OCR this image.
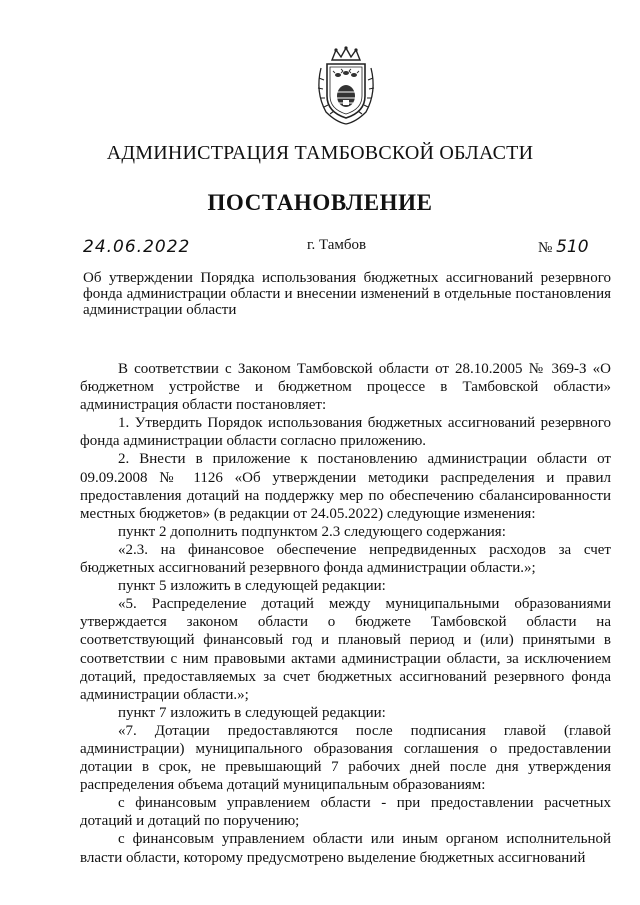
АДМИНИСТРАЦИЯ ТАМБОВСКОЙ ОБЛАСТИ
ПОСТАНОВЛЕНИЕ
24.06.2022	г. Тамбов	№ 510
Об утверждении Порядка использования бюджетных ассигнований резервного фонда администрации области и внесении изменений в отдельные постановления администрации области

В соответствии с Законом Тамбовской области от 28.10.2005 № 369-З «О бюджетном устройстве и бюджетном процессе в Тамбовской области» администрация области постановляет:

1. Утвердить Порядок использования бюджетных ассигнований резервного фонда администрации области согласно приложению.

2. Внести в приложение к постановлению администрации области от 09.09.2008 № 1126 «Об утверждении методики распределения и правил предоставления дотаций на поддержку мер по обеспечению сбалансированности местных бюджетов» (в редакции от 24.05.2022) следующие изменения:

пункт 2 дополнить подпунктом 2.3 следующего содержания:

«2.3. на финансовое обеспечение непредвиденных расходов за счет бюджетных ассигнований резервного фонда администрации области.»;

пункт 5 изложить в следующей редакции:

«5. Распределение дотаций между муниципальными образованиями утверждается законом области о бюджете Тамбовской области на соответствующий финансовый год и плановый период и (или) принятыми в соответствии с ним правовыми актами администрации области, за исключением дотаций, предоставляемых за счет бюджетных ассигнований резервного фонда администрации области.»;

пункт 7 изложить в следующей редакции:

«7. Дотации предоставляются после подписания главой (главой администрации) муниципального образования соглашения о предоставлении дотации в срок, не превышающий 7 рабочих дней после дня утверждения распределения объема дотаций муниципальным образованиям:

с финансовым управлением области - при предоставлении расчетных дотаций и дотаций по поручению;

с финансовым управлением области или иным органом исполнительной власти области, которому предусмотрено выделение бюджетных ассигнований
